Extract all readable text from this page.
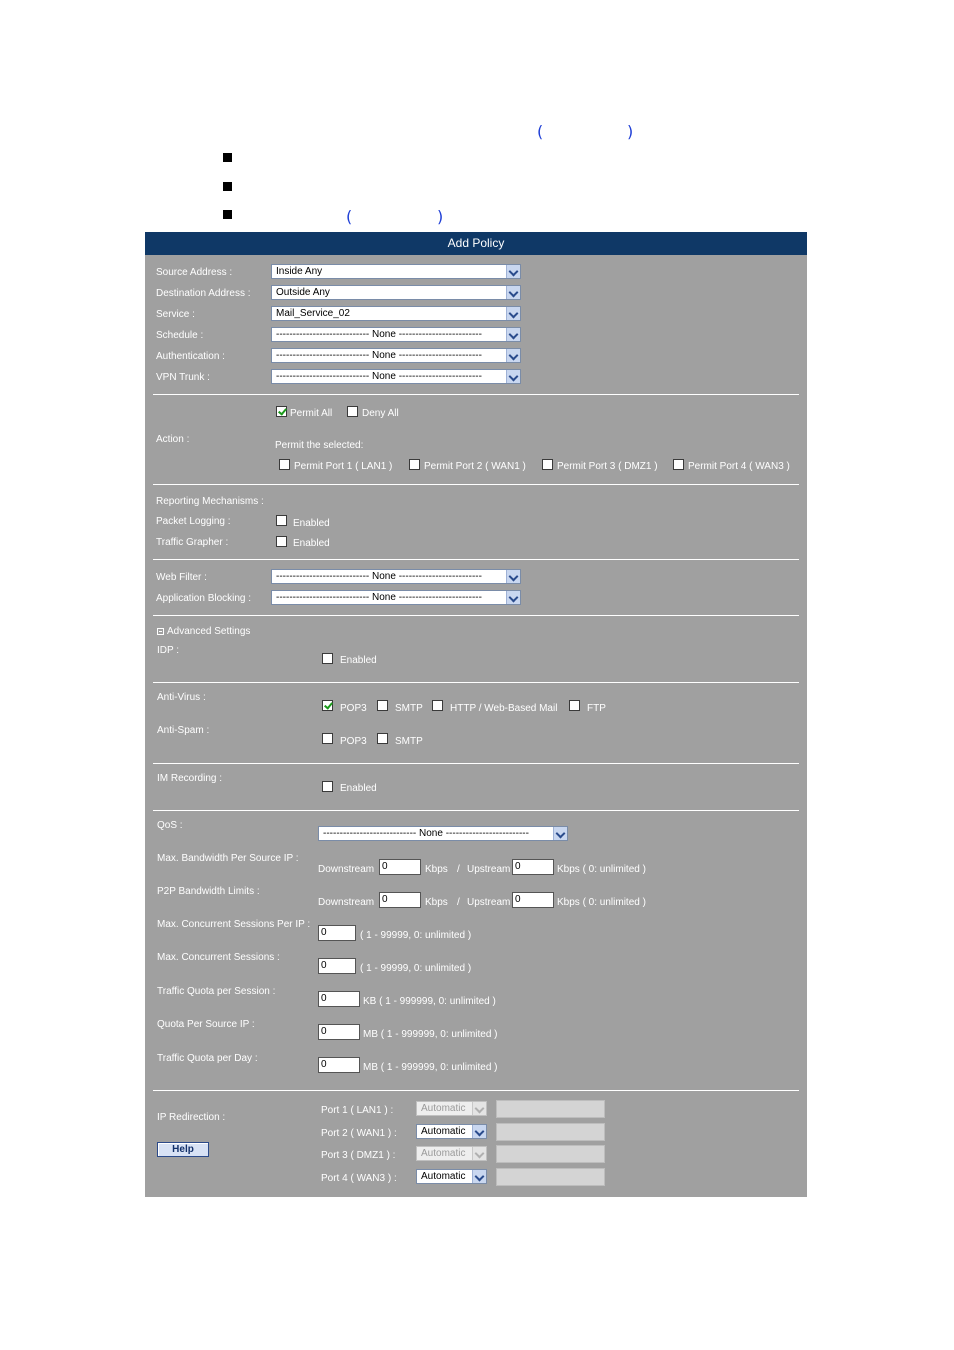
(	)
(	)
Add Policy
Source Address :	Inside Any
Destination Address :	Outside Any
Service :	Mail_Service_02
Schedule :	---------------------------- None -------------------------
Authentication :	---------------------------- None -------------------------
VPN Trunk :	---------------------------- None -------------------------
Permit All	Deny All
Action :
Permit the selected:
Permit Port 1 ( LAN1 )	Permit Port 2 ( WAN1 )	Permit Port 3 ( DMZ1 )	Permit Port 4 ( WAN3 )
Reporting Mechanisms :
Packet Logging :	Enabled
Traffic Grapher :	Enabled
Web Filter :	---------------------------- None -------------------------
Application Blocking : ---------------------------- None -------------------------
Advanced Settings
IDP :
Enabled
Anti-Virus :
POP3	SMTP	HTTP / Web-Based Mail	FTP
Anti-Spam :
POP3	SMTP
IM Recording :
Enabled
QoS :
---------------------------- None -------------------------
Max. Bandwidth Per Source IP :
Downstream 0	Kbps / Upstream 0	Kbps ( 0: unlimited )
P2P Bandwidth Limits :
Downstream 0	Kbps / Upstream 0	Kbps ( 0: unlimited )
Max. Concurrent Sessions Per IP :
0	( 1 - 99999, 0: unlimited )
Max. Concurrent Sessions :
0	( 1 - 99999, 0: unlimited )
Traffic Quota per Session :
0	KB ( 1 - 999999, 0: unlimited )
Quota Per Source IP :
0	MB ( 1 - 999999, 0: unlimited )
Traffic Quota per Day :
0	MB ( 1 - 999999, 0: unlimited )
IP Redirection :
Port 1 ( LAN1 ) :	Automatic
Port 2 ( WAN1 ) : Automatic
Port 3 ( DMZ1 ) :	Automatic
Port 4 ( WAN3 ) : Automatic
Help
